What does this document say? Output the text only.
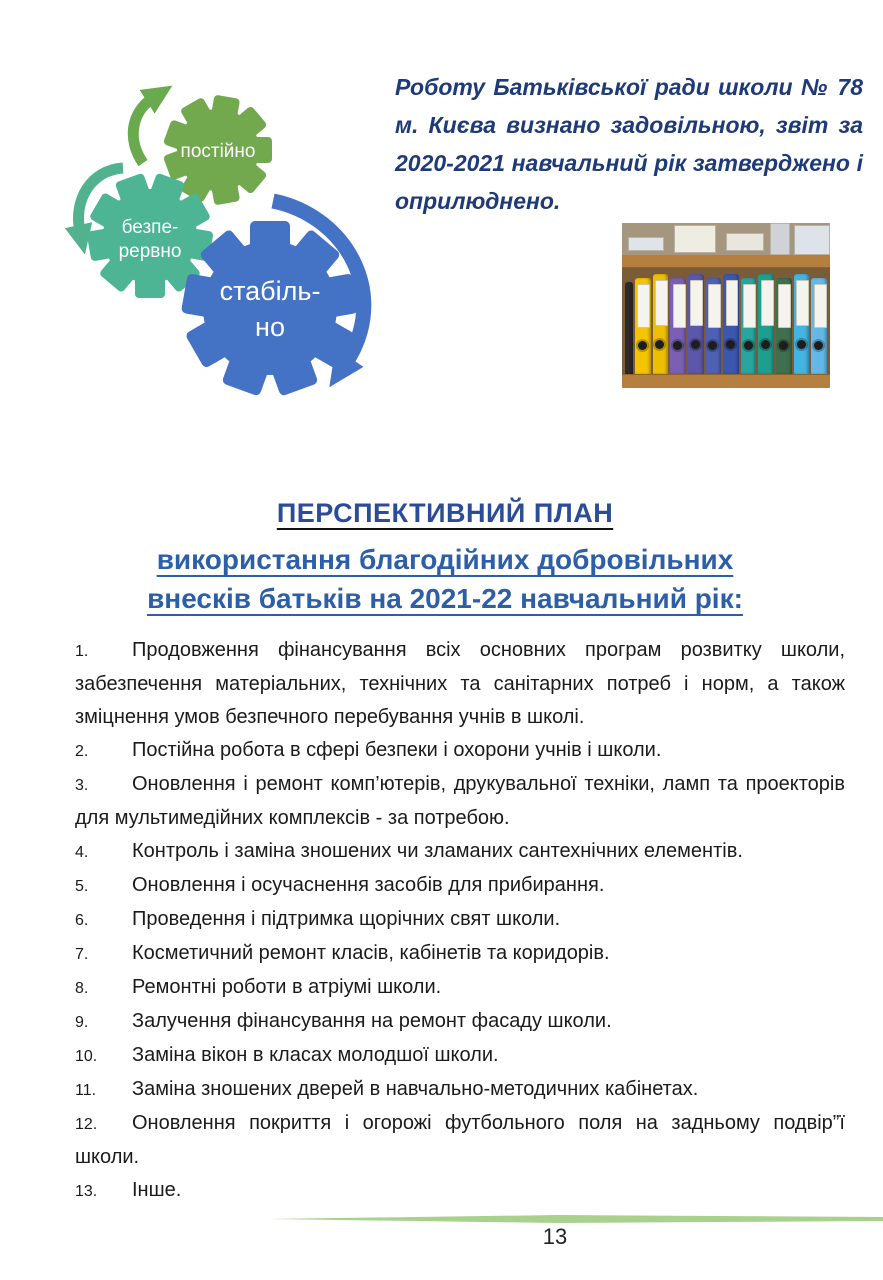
постійно
безпе-
рервно
стабіль-
но
Роботу Батьківської ради школи № 78 м. Києва визнано задовільною, звіт за 2020-2021 навчальний рік затверджено і оприлюднено.
ПЕРСПЕКТИВНИЙ ПЛАН
використання благодійних добровільних внесків батьків на 2021-22 навчальний рік:
1. Продовження фінансування всіх основних програм розвитку школи, забезпечення матеріальних, технічних та санітарних потреб і норм, а також зміцнення умов безпечного перебування учнів в школі.
2. Постійна робота в сфері безпеки і охорони учнів і школи.
3. Оновлення і ремонт комп’ютерів, друкувальної техніки, ламп та проекторів для мультимедійних комплексів - за потребою.
4. Контроль і заміна зношених чи зламаних сантехнічних елементів.
5. Оновлення і осучаснення засобів для прибирання.
6. Проведення і підтримка щорічних свят школи.
7. Косметичний ремонт класів, кабінетів та коридорів.
8. Ремонтні роботи в атріумі школи.
9. Залучення фінансування на ремонт фасаду школи.
10. Заміна вікон в класах молодшої школи.
11. Заміна зношених дверей в навчально-методичних кабінетах.
12. Оновлення покриття і огорожі футбольного поля на задньому подвір”ї школи.
13. Інше.
13
